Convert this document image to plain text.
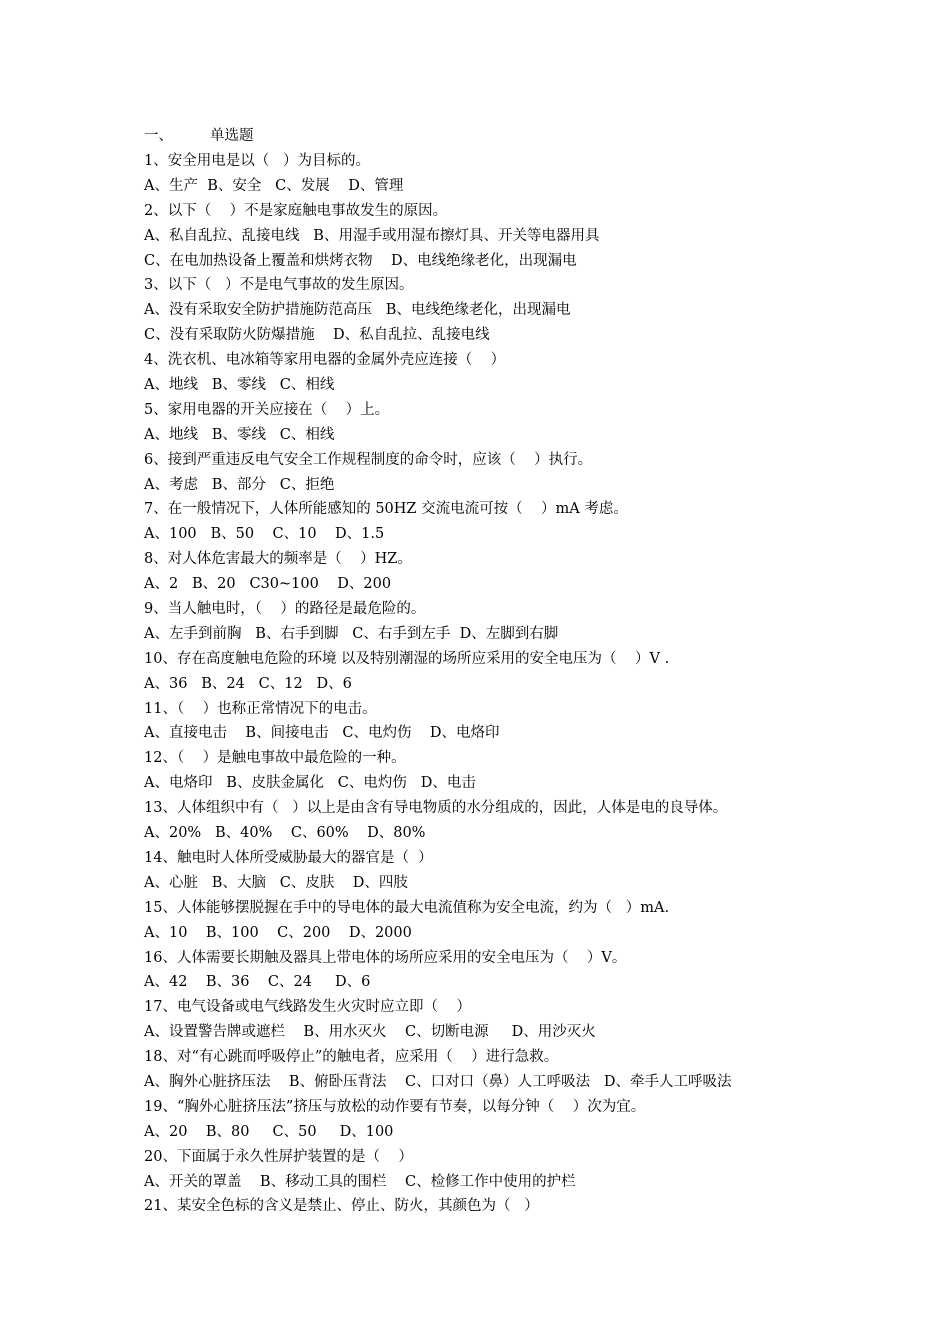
一、	单选题
1、安全用电是以（   ）为目标的。
A、生产  B、安全   C、发展    D、管理
2、以下（    ）不是家庭触电事故发生的原因。
A、私自乱拉、乱接电线   B、用湿手或用湿布擦灯具、开关等电器用具
C、在电加热设备上覆盖和烘烤衣物    D、电线绝缘老化，出现漏电
3、以下（   ）不是电气事故的发生原因。
A、没有采取安全防护措施防范高压   B、电线绝缘老化，出现漏电
C、没有采取防火防爆措施    D、私自乱拉、乱接电线
4、洗衣机、电冰箱等家用电器的金属外壳应连接（    ）
A、地线   B、零线   C、相线
5、家用电器的开关应接在（    ）上。
A、地线   B、零线   C、相线
6、接到严重违反电气安全工作规程制度的命令时，应该（    ）执行。
A、考虑   B、部分   C、拒绝
7、在一般情况下，人体所能感知的 50HZ 交流电流可按（    ）mA 考虑。
A、100   B、50    C、10    D、1.5
8、对人体危害最大的频率是（    ）HZ。
A、2   B、20   C30~100    D、200
9、当人触电时，（    ）的路径是最危险的。
A、左手到前胸   B、右手到脚   C、右手到左手  D、左脚到右脚
10、存在高度触电危险的环境 以及特别潮湿的场所应采用的安全电压为（    ）V .
A、36   B、24   C、12   D、6
11、（    ）也称正常情况下的电击。
A、直接电击    B、间接电击   C、电灼伤    D、电烙印
12、（    ）是触电事故中最危险的一种。
A、电烙印   B、皮肤金属化   C、电灼伤   D、电击
13、人体组织中有（   ）以上是由含有导电物质的水分组成的，因此，人体是电的良导体。
A、20%   B、40%    C、60%    D、80%
14、触电时人体所受威胁最大的器官是（  ）
A、心脏   B、大脑   C、皮肤    D、四肢
15、人体能够摆脱握在手中的导电体的最大电流值称为安全电流，约为（   ）mA.
A、10    B、100    C、200    D、2000
16、人体需要长期触及器具上带电体的场所应采用的安全电压为（    ）V。
A、42    B、36    C、24     D、6
17、电气设备或电气线路发生火灾时应立即（    ）
A、设置警告牌或遮栏    B、用水灭火    C、切断电源     D、用沙灭火
18、对“有心跳而呼吸停止”的触电者，应采用（    ）进行急救。
A、胸外心脏挤压法    B、俯卧压背法    C、口对口（鼻）人工呼吸法   D、牵手人工呼吸法
19、“胸外心脏挤压法”挤压与放松的动作要有节奏，以每分钟（    ）次为宜。
A、20    B、80     C、50     D、100
20、下面属于永久性屏护装置的是（    ）
A、开关的罩盖    B、移动工具的围栏    C、检修工作中使用的护栏
21、某安全色标的含义是禁止、停止、防火，其颜色为（   ）
